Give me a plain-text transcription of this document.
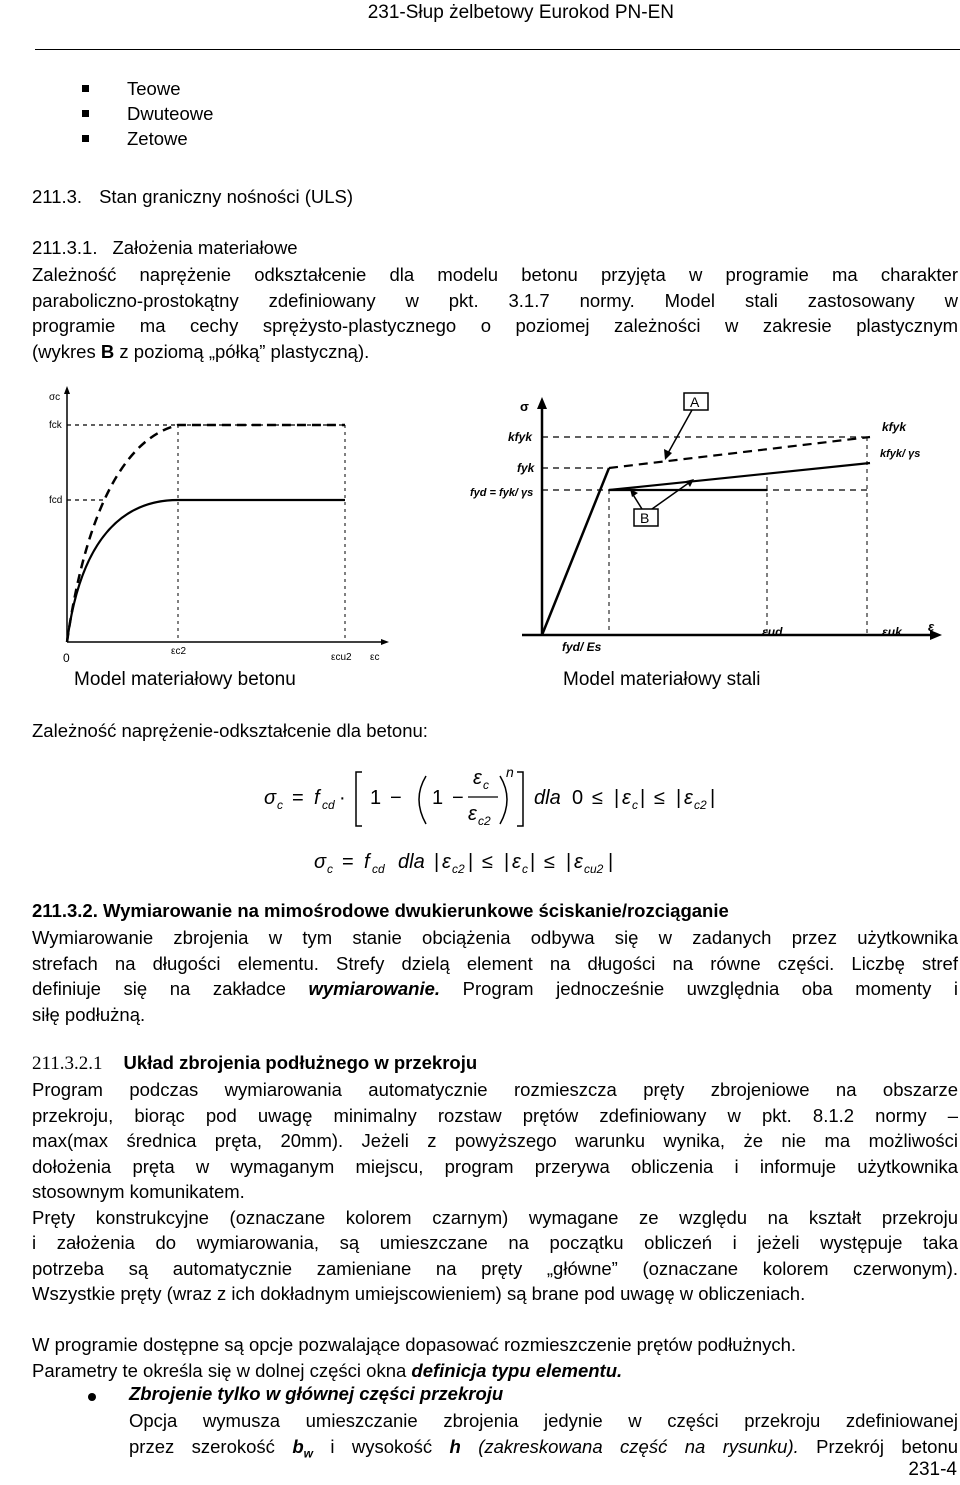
231-Słup żelbetowy Eurokod PN-EN
Teowe
Dwuteowe
Zetowe
211.3. Stan graniczny nośności (ULS)
211.3.1. Założenia materiałowe
Zależność naprężenie odkształcenie dla modelu betonu przyjęta w programie ma charakter
paraboliczno-prostokątny zdefiniowany w pkt. 3.1.7 normy. Model stali zastosowany w
programie ma cechy sprężysto-plastycznego o poziomej zależności w zakresie plastycznym
(wykres B z poziomą „półką” plastyczną).
σc
fck
fcd
0	εc2
εcu2 εc
Model materiałowy betonu
A
B
σ
kfyk
fyk
fyd = fyk/ γs
kfyk
kfyk/ γs
fyd/ Es
εud	εuk ε
Model materiałowy stali
Zależność naprężenie-odkształcenie dla betonu:
σ c = f cd · 1 − 1 −
ε c
ε c2
n
dla 0 ≤ | ε c | ≤ | ε c2 |
σ c = f cd dla | ε c2 | ≤ | ε c | ≤ | ε cu2 |
211.3.2. Wymiarowanie na mimośrodowe dwukierunkowe ściskanie/rozciąganie
Wymiarowanie zbrojenia w tym stanie obciążenia odbywa się w zadanych przez użytkownika
strefach na długości elementu. Strefy dzielą element na długości na równe części. Liczbę stref
definiuje się na zakładce wymiarowanie. Program jednocześnie uwzględnia oba momenty i
siłę podłużną.
211.3.2.1 Układ zbrojenia podłużnego w przekroju
Program podczas wymiarowania automatycznie rozmieszcza pręty zbrojeniowe na obszarze
przekroju, biorąc pod uwagę minimalny rozstaw prętów zdefiniowany w pkt. 8.1.2 normy –
max(max średnica pręta, 20mm). Jeżeli z powyższego warunku wynika, że nie ma możliwości
dołożenia pręta w wymaganym miejscu, program przerywa obliczenia i informuje użytkownika
stosownym komunikatem.
Pręty konstrukcyjne (oznaczane kolorem czarnym) wymagane ze względu na kształt przekroju
i założenia do wymiarowania, są umieszczane na początku obliczeń i jeżeli występuje taka
potrzeba są automatycznie zamieniane na pręty „główne” (oznaczane kolorem czerwonym).
Wszystkie pręty (wraz z ich dokładnym umiejscowieniem) są brane pod uwagę w obliczeniach.
W programie dostępne są opcje pozwalające dopasować rozmieszczenie prętów podłużnych.
Parametry te określa się w dolnej części okna definicja typu elementu.
Zbrojenie tylko w głównej części przekroju
Opcja wymusza umieszczanie zbrojenia jedynie w części przekroju zdefiniowanej
przez szerokość $b_w$ i wysokość h (zakreskowana część na rysunku). Przekrój betonu
231-4
